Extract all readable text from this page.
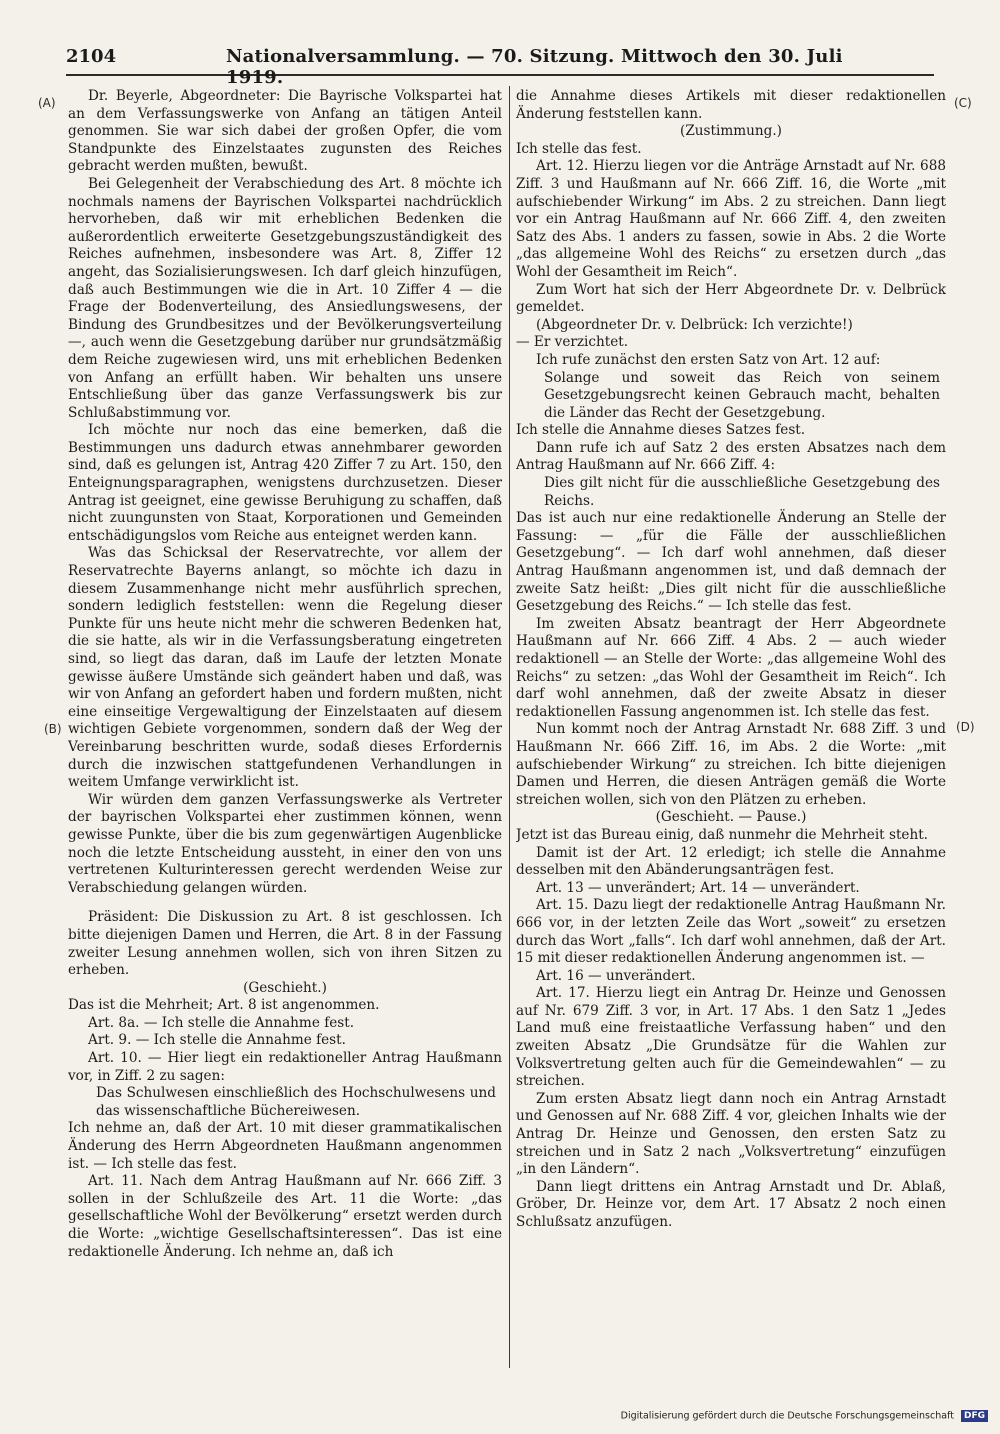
2104	Nationalversammlung. — 70. Sitzung. Mittwoch den 30. Juli 1919.
(A)
(B)
(C)
(D)

Dr. Beyerle, Abgeordneter: Die Bayrische Volkspartei hat an dem Verfassungswerke von Anfang an tätigen Anteil genommen. Sie war sich dabei der großen Opfer, die vom Standpunkte des Einzelstaates zugunsten des Reiches gebracht werden mußten, bewußt.

Bei Gelegenheit der Verabschiedung des Art. 8 möchte ich nochmals namens der Bayrischen Volkspartei nachdrücklich hervorheben, daß wir mit erheblichen Bedenken die außerordentlich erweiterte Gesetzgebungszuständigkeit des Reiches aufnehmen, insbesondere was Art. 8, Ziffer 12 angeht, das Sozialisierungswesen. Ich darf gleich hinzufügen, daß auch Bestimmungen wie die in Art. 10 Ziffer 4 — die Frage der Bodenverteilung, des Ansiedlungswesens, der Bindung des Grundbesitzes und der Bevölkerungsverteilung —, auch wenn die Gesetzgebung darüber nur grundsätzmäßig dem Reiche zugewiesen wird, uns mit erheblichen Bedenken von Anfang an erfüllt haben. Wir behalten uns unsere Entschließung über das ganze Verfassungswerk bis zur Schlußabstimmung vor.

Ich möchte nur noch das eine bemerken, daß die Bestimmungen uns dadurch etwas annehmbarer geworden sind, daß es gelungen ist, Antrag 420 Ziffer 7 zu Art. 150, den Enteignungsparagraphen, wenigstens durchzusetzen. Dieser Antrag ist geeignet, eine gewisse Beruhigung zu schaffen, daß nicht zuungunsten von Staat, Korporationen und Gemeinden entschädigungslos vom Reiche aus enteignet werden kann.

Was das Schicksal der Reservatrechte, vor allem der Reservatrechte Bayerns anlangt, so möchte ich dazu in diesem Zusammenhange nicht mehr ausführlich sprechen, sondern lediglich feststellen: wenn die Regelung dieser Punkte für uns heute nicht mehr die schweren Bedenken hat, die sie hatte, als wir in die Verfassungsberatung eingetreten sind, so liegt das daran, daß im Laufe der letzten Monate gewisse äußere Umstände sich geändert haben und daß, was wir von Anfang an gefordert haben und fordern mußten, nicht eine einseitige Vergewaltigung der Einzelstaaten auf diesem wichtigen Gebiete vorgenommen, sondern daß der Weg der Vereinbarung beschritten wurde, sodaß dieses Erfordernis durch die inzwischen stattgefundenen Verhandlungen in weitem Umfange verwirklicht ist.

Wir würden dem ganzen Verfassungswerke als Vertreter der bayrischen Volkspartei eher zustimmen können, wenn gewisse Punkte, über die bis zum gegenwärtigen Augenblicke noch die letzte Entscheidung aussteht, in einer den von uns vertretenen Kulturinteressen gerecht werdenden Weise zur Verabschiedung gelangen würden.

Präsident: Die Diskussion zu Art. 8 ist geschlossen. Ich bitte diejenigen Damen und Herren, die Art. 8 in der Fassung zweiter Lesung annehmen wollen, sich von ihren Sitzen zu erheben.

(Geschieht.)

Das ist die Mehrheit; Art. 8 ist angenommen.

Art. 8a. — Ich stelle die Annahme fest.

Art. 9. — Ich stelle die Annahme fest.

Art. 10. — Hier liegt ein redaktioneller Antrag Haußmann vor, in Ziff. 2 zu sagen:

Das Schulwesen einschließlich des Hochschulwesens und das wissenschaftliche Büchereiwesen.

Ich nehme an, daß der Art. 10 mit dieser grammatikalischen Änderung des Herrn Abgeordneten Haußmann angenommen ist. — Ich stelle das fest.

Art. 11. Nach dem Antrag Haußmann auf Nr. 666 Ziff. 3 sollen in der Schlußzeile des Art. 11 die Worte: „das gesellschaftliche Wohl der Bevölkerung“ ersetzt werden durch die Worte: „wichtige Gesellschaftsinteressen“. Das ist eine redaktionelle Änderung. Ich nehme an, daß ich

die Annahme dieses Artikels mit dieser redaktionellen Änderung feststellen kann.

(Zustimmung.)

Ich stelle das fest.

Art. 12. Hierzu liegen vor die Anträge Arnstadt auf Nr. 688 Ziff. 3 und Haußmann auf Nr. 666 Ziff. 16, die Worte „mit aufschiebender Wirkung“ im Abs. 2 zu streichen. Dann liegt vor ein Antrag Haußmann auf Nr. 666 Ziff. 4, den zweiten Satz des Abs. 1 anders zu fassen, sowie in Abs. 2 die Worte „das allgemeine Wohl des Reichs“ zu ersetzen durch „das Wohl der Gesamtheit im Reich“.

Zum Wort hat sich der Herr Abgeordnete Dr. v. Delbrück gemeldet.

(Abgeordneter Dr. v. Delbrück: Ich verzichte!)

— Er verzichtet.

Ich rufe zunächst den ersten Satz von Art. 12 auf:

Solange und soweit das Reich von seinem Gesetzgebungsrecht keinen Gebrauch macht, behalten die Länder das Recht der Gesetzgebung.

Ich stelle die Annahme dieses Satzes fest.

Dann rufe ich auf Satz 2 des ersten Absatzes nach dem Antrag Haußmann auf Nr. 666 Ziff. 4:

Dies gilt nicht für die ausschließliche Gesetzgebung des Reichs.

Das ist auch nur eine redaktionelle Änderung an Stelle der Fassung: — „für die Fälle der ausschließlichen Gesetzgebung“. — Ich darf wohl annehmen, daß dieser Antrag Haußmann angenommen ist, und daß demnach der zweite Satz heißt: „Dies gilt nicht für die ausschließliche Gesetzgebung des Reichs.“ — Ich stelle das fest.

Im zweiten Absatz beantragt der Herr Abgeordnete Haußmann auf Nr. 666 Ziff. 4 Abs. 2 — auch wieder redaktionell — an Stelle der Worte: „das allgemeine Wohl des Reichs“ zu setzen: „das Wohl der Gesamtheit im Reich“. Ich darf wohl annehmen, daß der zweite Absatz in dieser redaktionellen Fassung angenommen ist. Ich stelle das fest.

Nun kommt noch der Antrag Arnstadt Nr. 688 Ziff. 3 und Haußmann Nr. 666 Ziff. 16, im Abs. 2 die Worte: „mit aufschiebender Wirkung“ zu streichen. Ich bitte diejenigen Damen und Herren, die diesen Anträgen gemäß die Worte streichen wollen, sich von den Plätzen zu erheben.

(Geschieht. — Pause.)

Jetzt ist das Bureau einig, daß nunmehr die Mehrheit steht.

Damit ist der Art. 12 erledigt; ich stelle die Annahme desselben mit den Abänderungsanträgen fest.

Art. 13 — unverändert; Art. 14 — unverändert.

Art. 15. Dazu liegt der redaktionelle Antrag Haußmann Nr. 666 vor, in der letzten Zeile das Wort „soweit“ zu ersetzen durch das Wort „falls“. Ich darf wohl annehmen, daß der Art. 15 mit dieser redaktionellen Änderung angenommen ist. —

Art. 16 — unverändert.

Art. 17. Hierzu liegt ein Antrag Dr. Heinze und Genossen auf Nr. 679 Ziff. 3 vor, in Art. 17 Abs. 1 den Satz 1 „Jedes Land muß eine freistaatliche Verfassung haben“ und den zweiten Absatz „Die Grundsätze für die Wahlen zur Volksvertretung gelten auch für die Gemeindewahlen“ — zu streichen.

Zum ersten Absatz liegt dann noch ein Antrag Arnstadt und Genossen auf Nr. 688 Ziff. 4 vor, gleichen Inhalts wie der Antrag Dr. Heinze und Genossen, den ersten Satz zu streichen und in Satz 2 nach „Volksvertretung“ einzufügen „in den Ländern“.

Dann liegt drittens ein Antrag Arnstadt und Dr. Ablaß, Gröber, Dr. Heinze vor, dem Art. 17 Absatz 2 noch einen Schlußsatz anzufügen.

Digitalisierung gefördert durch die Deutsche Forschungsgemeinschaft DFG
